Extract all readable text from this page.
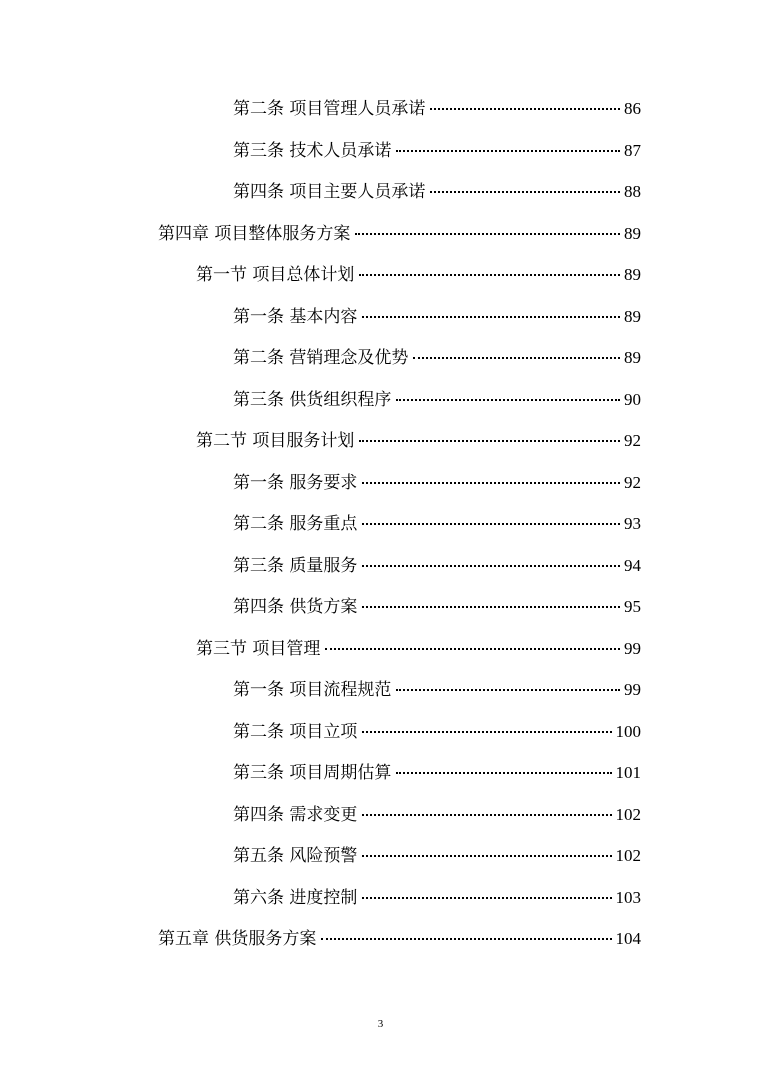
第二条 项目管理人员承诺	86
第三条 技术人员承诺	87
第四条 项目主要人员承诺	88
第四章 项目整体服务方案	89
第一节 项目总体计划	89
第一条 基本内容	89
第二条 营销理念及优势	89
第三条 供货组织程序	90
第二节 项目服务计划	92
第一条 服务要求	92
第二条 服务重点	93
第三条 质量服务	94
第四条 供货方案	95
第三节 项目管理	99
第一条 项目流程规范	99
第二条 项目立项	100
第三条 项目周期估算	101
第四条 需求变更	102
第五条 风险预警	102
第六条 进度控制	103
第五章 供货服务方案	104
3
